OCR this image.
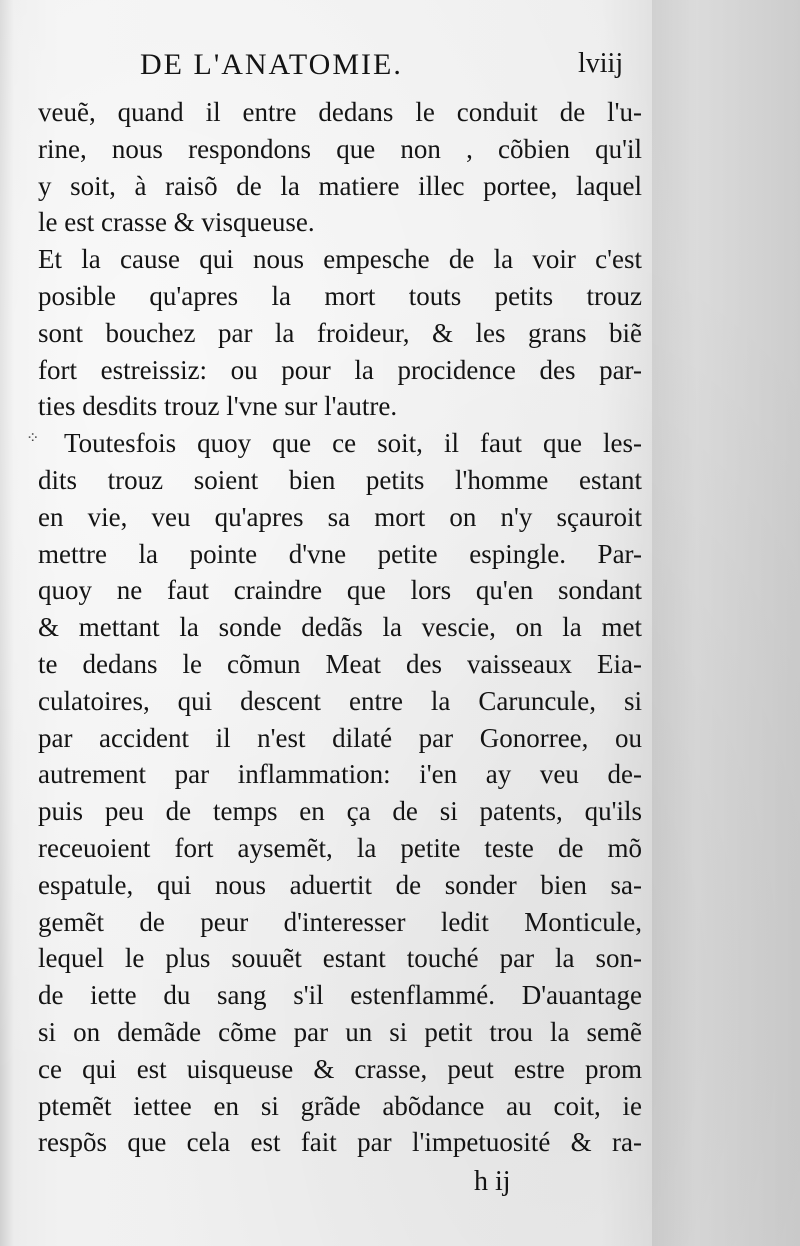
DE L'ANATOMIE.	lviij
⁘
veuẽ, quand il entre dedans le conduit de l'u-
rine, nous respondons que non , cõbien qu'il
y soit, à raisõ de la matiere illec portee, laquel
le est crasse & visqueuse.
Et la cause qui nous empesche de la voir c'est
posible qu'apres la mort touts petits trouz
sont bouchez par la froideur, & les grans biẽ
fort estreissiz: ou pour la procidence des par-
ties desdits trouz l'vne sur l'autre.
Toutesfois quoy que ce soit, il faut que les-
dits trouz soient bien petits l'homme estant
en vie, veu qu'apres sa mort on n'y sçauroit
mettre la pointe d'vne petite espingle. Par-
quoy ne faut craindre que lors qu'en sondant
& mettant la sonde dedãs la vescie, on la met
te dedans le cõmun Meat des vaisseaux Eia-
culatoires, qui descent entre la Caruncule, si
par accident il n'est dilaté par Gonorree, ou
autrement par inflammation: i'en ay veu de-
puis peu de temps en ça de si patents, qu'ils
receuoient fort aysemẽt, la petite teste de mõ
espatule, qui nous aduertit de sonder bien sa-
gemẽt de peur d'interesser ledit Monticule,
lequel le plus souuẽt estant touché par la son-
de iette du sang s'il estenflammé. D'auantage
si on demãde cõme par un si petit trou la semẽ
ce qui est uisqueuse & crasse, peut estre prom
ptemẽt iettee en si grãde abõdance au coit, ie
respõs que cela est fait par l'impetuosité & ra-
h ij
